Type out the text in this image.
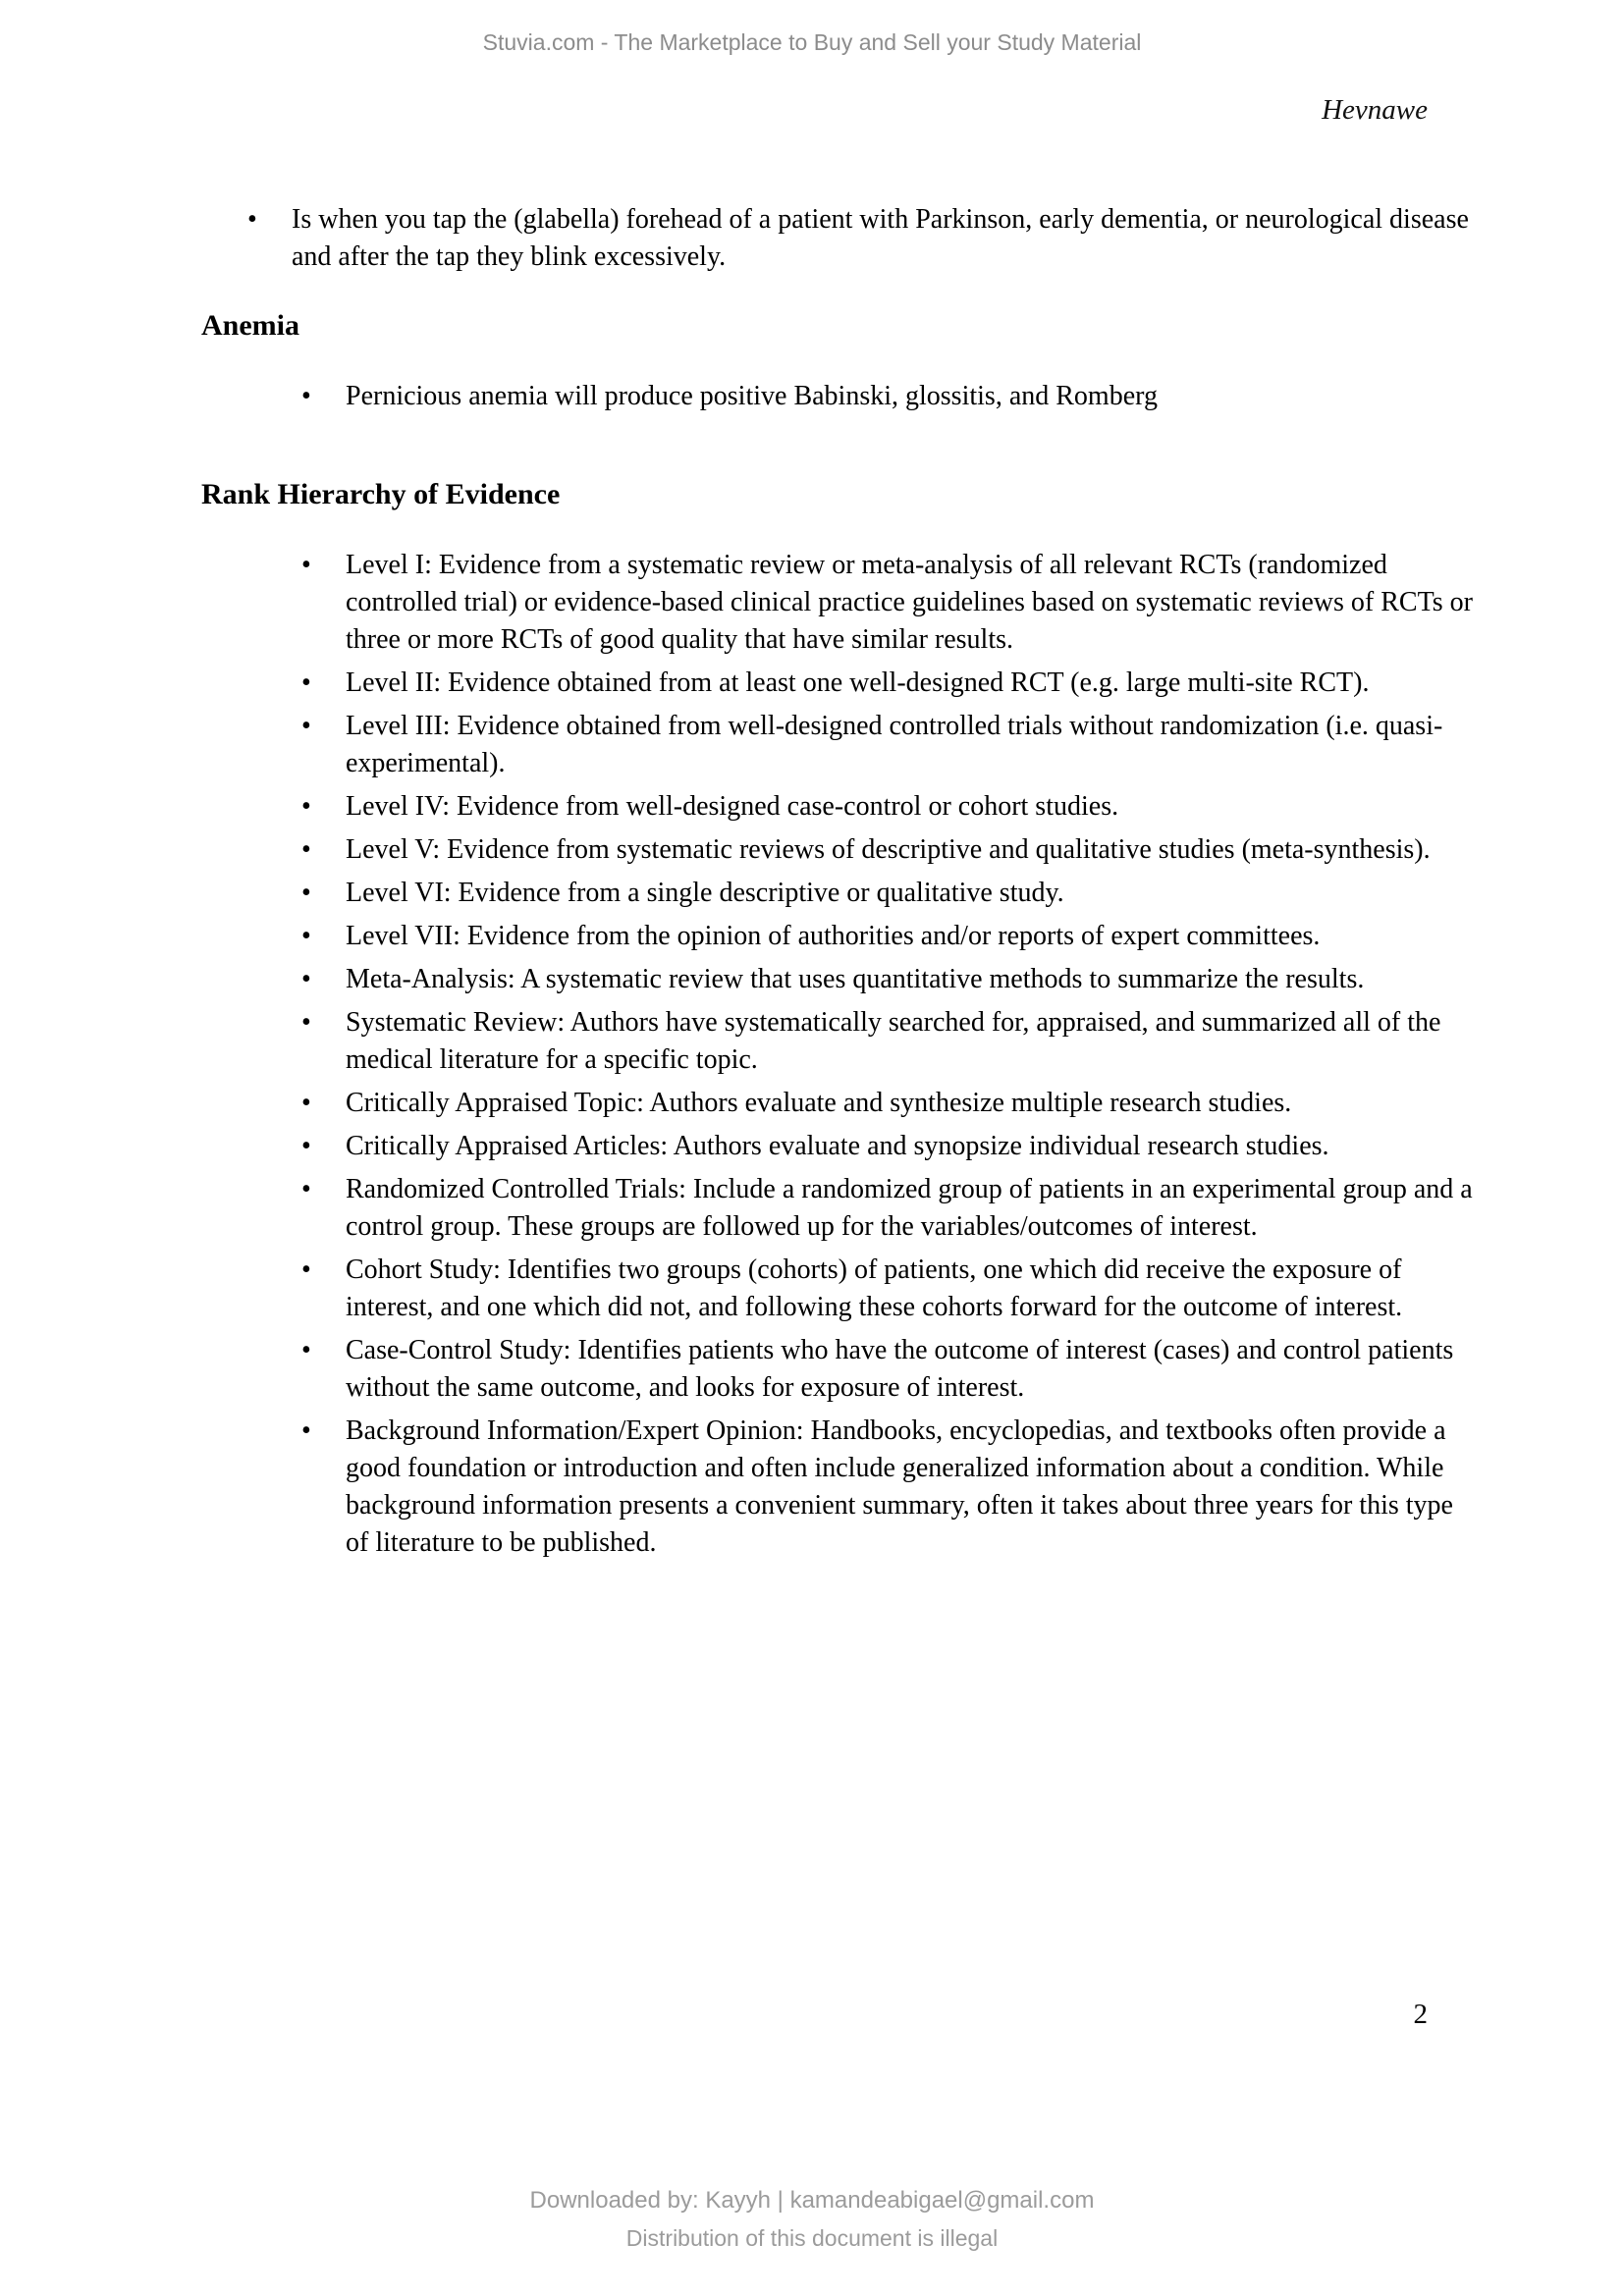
Stuvia.com - The Marketplace to Buy and Sell your Study Material
Hevnawe
• Is when you tap the (glabella) forehead of a patient with Parkinson, early dementia, or neurological disease and after the tap they blink excessively.
Anemia
• Pernicious anemia will produce positive Babinski, glossitis, and Romberg
Rank Hierarchy of Evidence
• Level I: Evidence from a systematic review or meta-analysis of all relevant RCTs (randomized controlled trial) or evidence-based clinical practice guidelines based on systematic reviews of RCTs or three or more RCTs of good quality that have similar results.
• Level II: Evidence obtained from at least one well-designed RCT (e.g. large multi-site RCT).
• Level III: Evidence obtained from well-designed controlled trials without randomization (i.e. quasi-experimental).
• Level IV: Evidence from well-designed case-control or cohort studies.
• Level V: Evidence from systematic reviews of descriptive and qualitative studies (meta-synthesis).
• Level VI: Evidence from a single descriptive or qualitative study.
• Level VII: Evidence from the opinion of authorities and/or reports of expert committees.
• Meta-Analysis: A systematic review that uses quantitative methods to summarize the results.
• Systematic Review: Authors have systematically searched for, appraised, and summarized all of the medical literature for a specific topic.
• Critically Appraised Topic: Authors evaluate and synthesize multiple research studies.
• Critically Appraised Articles: Authors evaluate and synopsize individual research studies.
• Randomized Controlled Trials: Include a randomized group of patients in an experimental group and a control group. These groups are followed up for the variables/outcomes of interest.
• Cohort Study: Identifies two groups (cohorts) of patients, one which did receive the exposure of interest, and one which did not, and following these cohorts forward for the outcome of interest.
• Case-Control Study: Identifies patients who have the outcome of interest (cases) and control patients without the same outcome, and looks for exposure of interest.
• Background Information/Expert Opinion: Handbooks, encyclopedias, and textbooks often provide a good foundation or introduction and often include generalized information about a condition. While background information presents a convenient summary, often it takes about three years for this type of literature to be published.
2
Downloaded by: Kayyh | kamandeabigael@gmail.com
Distribution of this document is illegal
